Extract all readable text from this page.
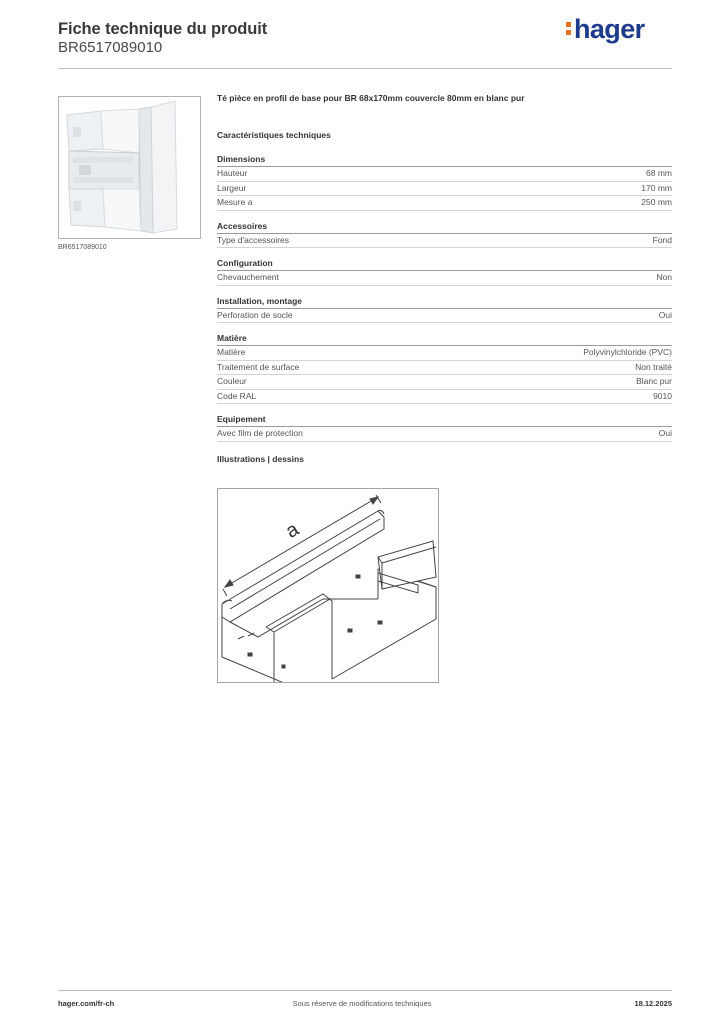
Fiche technique du produit
BR6517089010
hager
BR6517089010
Té pièce en profil de base pour BR 68x170mm couvercle 80mm en blanc pur
Caractéristiques techniques
Dimensions
Hauteur	68 mm
Largeur	170 mm
Mesure a	250 mm
Accessoires
Type d'accessoires	Fond
Configuration
Chevauchement	Non
Installation, montage
Perforation de socle	Oui
Matière
Matière	Polyvinylchloride (PVC)
Traitement de surface	Non traité
Couleur	Blanc pur
Code RAL	9010
Equipement
Avec film de protection	Oui
Illustrations | dessins
a
hager.com/fr-ch	Sous réserve de modifications techniques	18.12.2025
